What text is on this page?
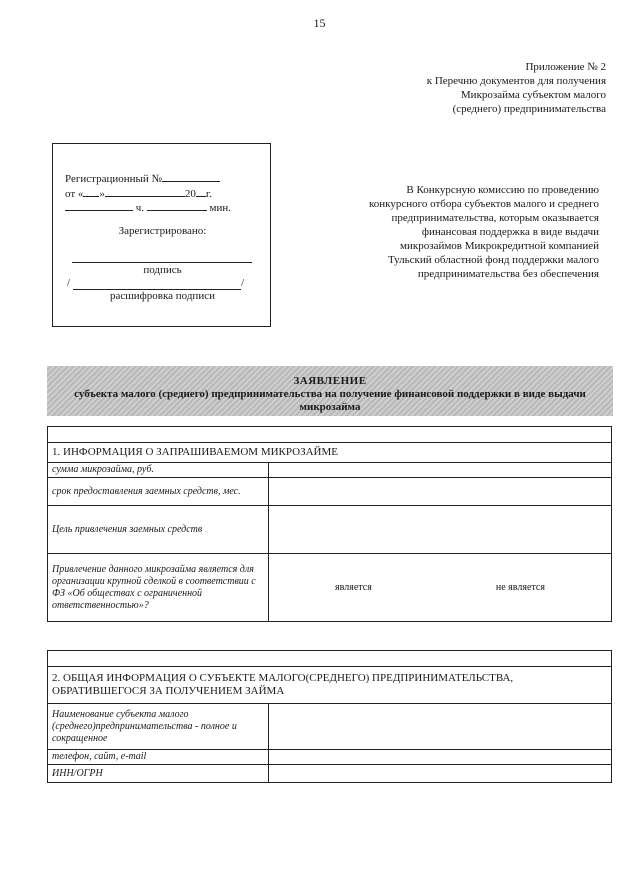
15
Приложение № 2
к Перечню документов для получения
Микрозайма субъектом малого
(среднего) предпринимательства
Регистрационный №
от « »	20 г.
ч.	мин.
Зарегистрировано:
подпись
/	/
расшифровка подписи
В Конкурсную комиссию по проведению конкурсного отбора субъектов малого и среднего предпринимательства, которым оказывается финансовая поддержка в виде выдачи микрозаймов Микрокредитной компанией Тульский областной фонд поддержки малого предпринимательства без обеспечения
ЗАЯВЛЕНИЕ
субъекта малого (среднего) предпринимательства на получение финансовой поддержки в виде выдачи микрозайма

1. ИНФОРМАЦИЯ О ЗАПРАШИВАЕМОМ МИКРОЗАЙМЕ	
сумма микрозайма, руб.	
срок предоставления заемных средств, мес.	
Цель привлечения заемных средств	
Привлечение данного микрозайма является для организации крупной сделкой в соответствии с ФЗ «Об обществах с ограниченной ответственностью»?	является не является

2. ОБЩАЯ ИНФОРМАЦИЯ О СУБЪЕКТЕ МАЛОГО(СРЕДНЕГО) ПРЕДПРИНИМАТЕЛЬСТВА, ОБРАТИВШЕГОСЯ ЗА ПОЛУЧЕНИЕМ ЗАЙМА	
Наименование субъекта малого (среднего)предпринимательства - полное и сокращенное	
телефон, сайт, e-mail	
ИНН/ОГРН	
